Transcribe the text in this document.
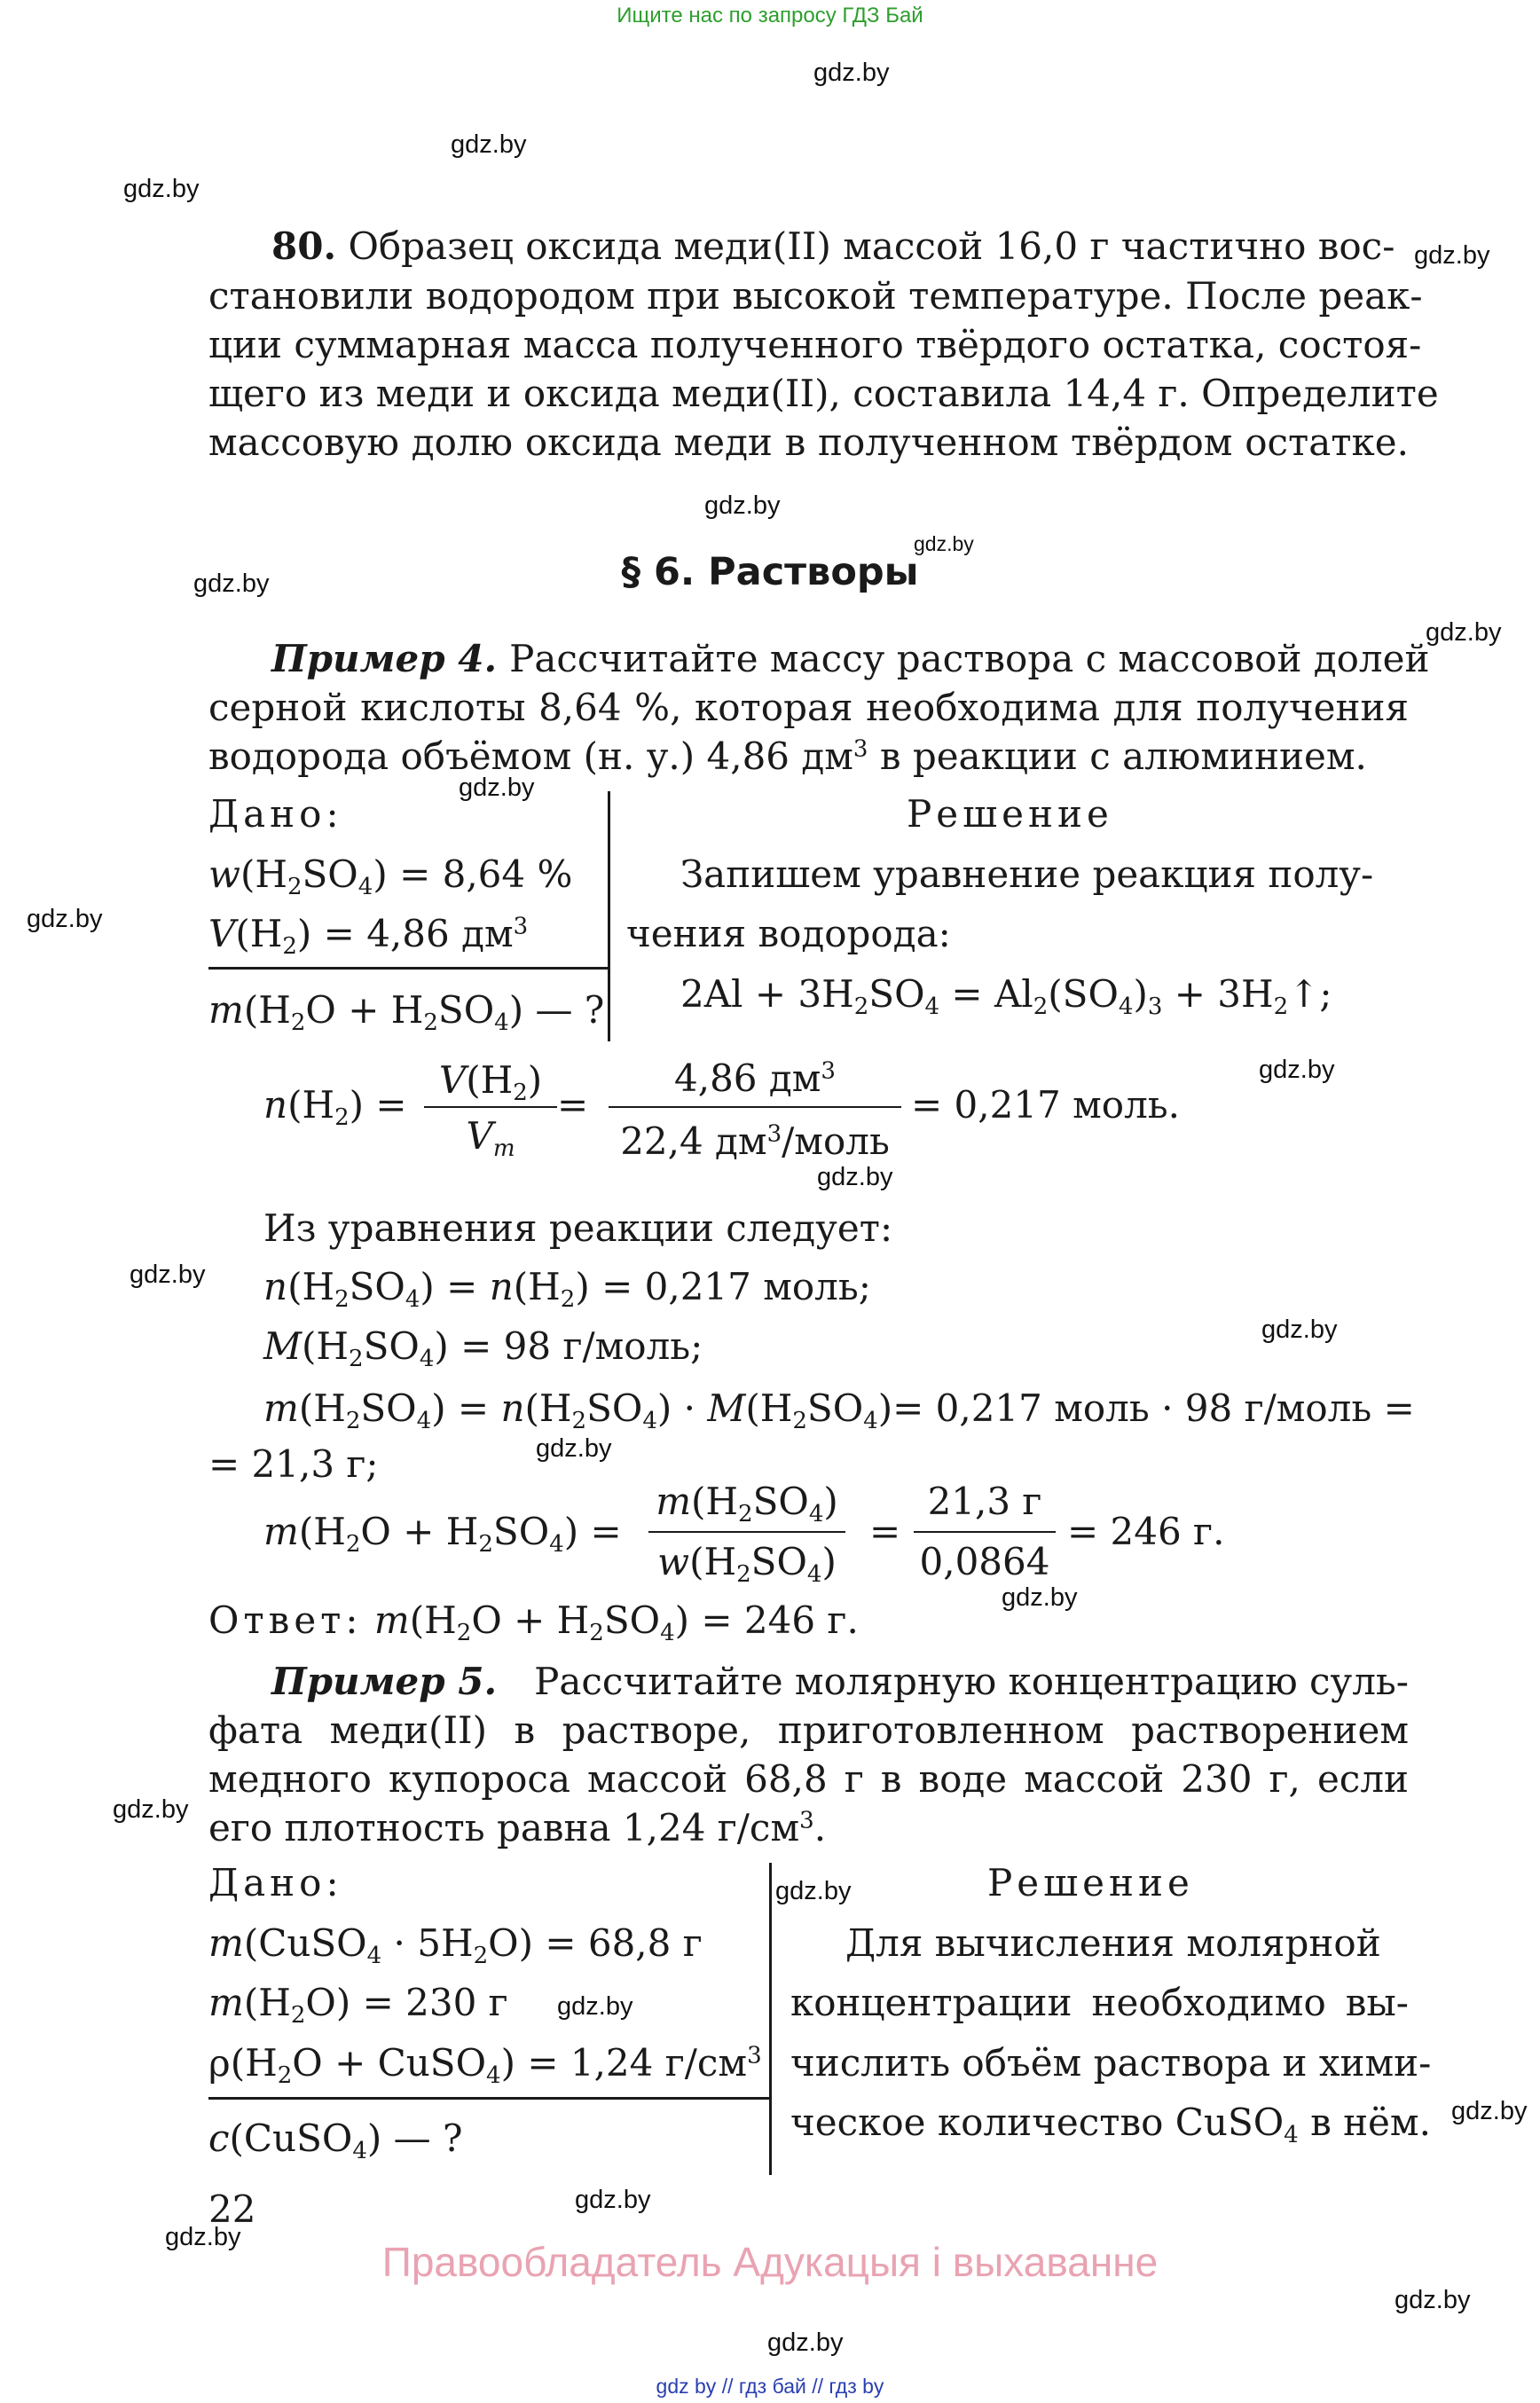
Ищите нас по запросу ГДЗ Бай
gdz.by
gdz.by
gdz.by
gdz.by
gdz.by
gdz.by
gdz.by
gdz.by
gdz.by
gdz.by
gdz.by
gdz.by
gdz.by
gdz.by
gdz.by
gdz.by
gdz.by
gdz.by
gdz.by
gdz.by
gdz.by
gdz.by
gdz.by
gdz.by
80. Образец оксида меди(II) массой 16,0 г частично вос-
становили водородом при высокой температуре. После реак-
ции суммарная масса полученного твёрдого остатка, состоя-
щего из меди и оксида меди(II), составила 14,4 г. Определите
массовую долю оксида меди в полученном твёрдом остатке.
§ 6. Растворы
Пример 4. Рассчитайте массу раствора с массовой долей
серной кислоты 8,64 %, которая необходима для получения
водорода объёмом (н. у.) 4,86 $дм^3$ в реакции с алюминием.
Дано:	Решение
$w(H_2SO_4) = 8,64$ %
$V(H_2) = 4,86$ $дм^3$
$m(H_2O + H_2SO_4)$ — ?
Запишем уравнение реакция полу-
чения водорода:
$2Al + 3H_2SO_4 = Al_2(SO_4)_3$ + $3H_2↑$;
$n(H_2)$ =
$V(H_2)$
$V_m$
=
4,86 $дм^3$
22,4 $дм^3$/моль
= 0,217 моль.
Из уравнения реакции следует:
$n(H_2SO_4) = n(H_2) = 0,217$ моль;
$M(H_2SO_4) = 98$ г/моль;
$m(H_2SO_4) = n(H_2SO_4) \cdot M(H_2SO_4) = 0,217$ моль · 98 г/моль =
= 21,3 г;
$m(H_2O + H_2SO_4)$ =
$m(H_2SO_4)$
$w(H_2SO_4)$
=
21,3 г
0,0864
= 246 г.
Ответ: $m(H_2O + H_2SO_4) = 246$ г.
Пример 5. Рассчитайте молярную концентрацию суль-
фата меди(II) в растворе, приготовленном растворением
медного купороса массой 68,8 г в воде массой 230 г, если
его плотность равна 1,24 $г/см^3$.
Дано:	Решение
m(CuSO$_4$ · $5H_2O) = 68,8$ г
$m(H_2O) = 230$ г
$\rho(H_2O$ + CuSO$_4$) = 1,24 $г/см^3$
c(CuSO$_4$) — ?
Для вычисления молярной
концентрации необходимо вы-
числить объём раствора и хими-
ческое количество CuSO$_4$ в нём.
22
Правообладатель Адукацыя і выхаванне
gdz by // гдз бай // гдз by
